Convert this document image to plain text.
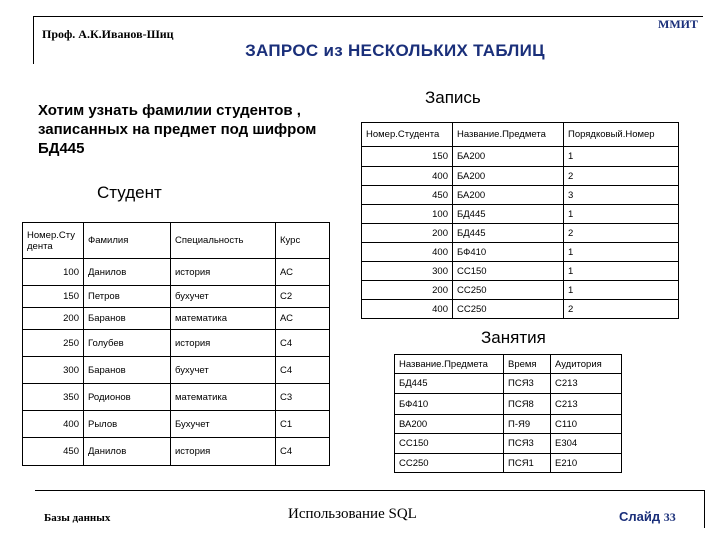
Проф. А.К.Иванов-Шиц
ММИТ
ЗАПРОС из НЕСКОЛЬКИХ ТАБЛИЦ
Хотим узнать фамилии студентов , записанных на предмет под шифром БД445
Студент
Номер.Сту дента	Фамилия	Специальность	Курс
100	Данилов	история	АС
150	Петров	бухучет	С2
200	Баранов	математика	АС
250	Голубев	история	С4
300	Баранов	бухучет	С4
350	Родионов	математика	С3
400	Рылов	Бухучет	С1
450	Данилов	история	С4
Запись
Номер.Студента	Название.Предмета	Порядковый.Номер
150	БА200	1
400	БА200	2
450	БА200	3
100	БД445	1
200	БД445	2
400	БФ410	1
300	СС150	1
200	СС250	1
400	СС250	2
Занятия
Название.Предмета	Время	Аудитория
БД445	ПСЯ3	С213
БФ410	ПСЯ8	С213
ВА200	П-Я9	С110
СС150	ПСЯ3	Е304
СС250	ПСЯ1	Е210
Базы данных	Использование SQL	Слайд 33
